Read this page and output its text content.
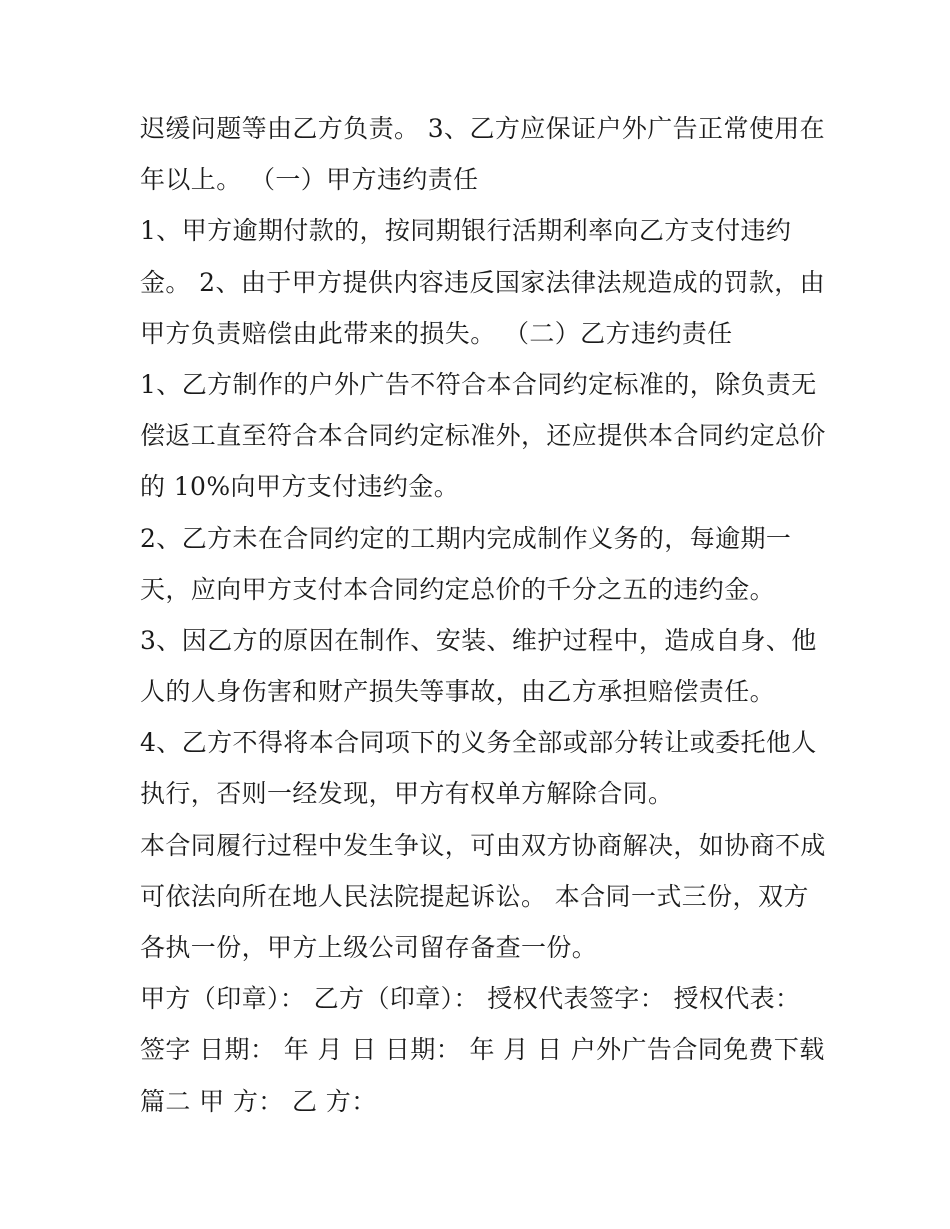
迟缓问题等由乙方负责。 3、乙方应保证户外广告正常使用在
年以上。 （一）甲方违约责任
1、甲方逾期付款的，按同期银行活期利率向乙方支付违约
金。 2、由于甲方提供内容违反国家法律法规造成的罚款，由
甲方负责赔偿由此带来的损失。 （二）乙方违约责任
1、乙方制作的户外广告不符合本合同约定标准的，除负责无
偿返工直至符合本合同约定标准外，还应提供本合同约定总价
的 10%向甲方支付违约金。
2、乙方未在合同约定的工期内完成制作义务的，每逾期一
天，应向甲方支付本合同约定总价的千分之五的违约金。
3、因乙方的原因在制作、安装、维护过程中，造成自身、他
人的人身伤害和财产损失等事故，由乙方承担赔偿责任。
4、乙方不得将本合同项下的义务全部或部分转让或委托他人
执行，否则一经发现，甲方有权单方解除合同。
本合同履行过程中发生争议，可由双方协商解决，如协商不成
可依法向所在地人民法院提起诉讼。 本合同一式三份，双方
各执一份，甲方上级公司留存备查一份。
甲方（印章）： 乙方（印章）： 授权代表签字： 授权代表：
签字 日期： 年 月 日 日期： 年 月 日 户外广告合同免费下载
篇二 甲 方： 乙 方：
